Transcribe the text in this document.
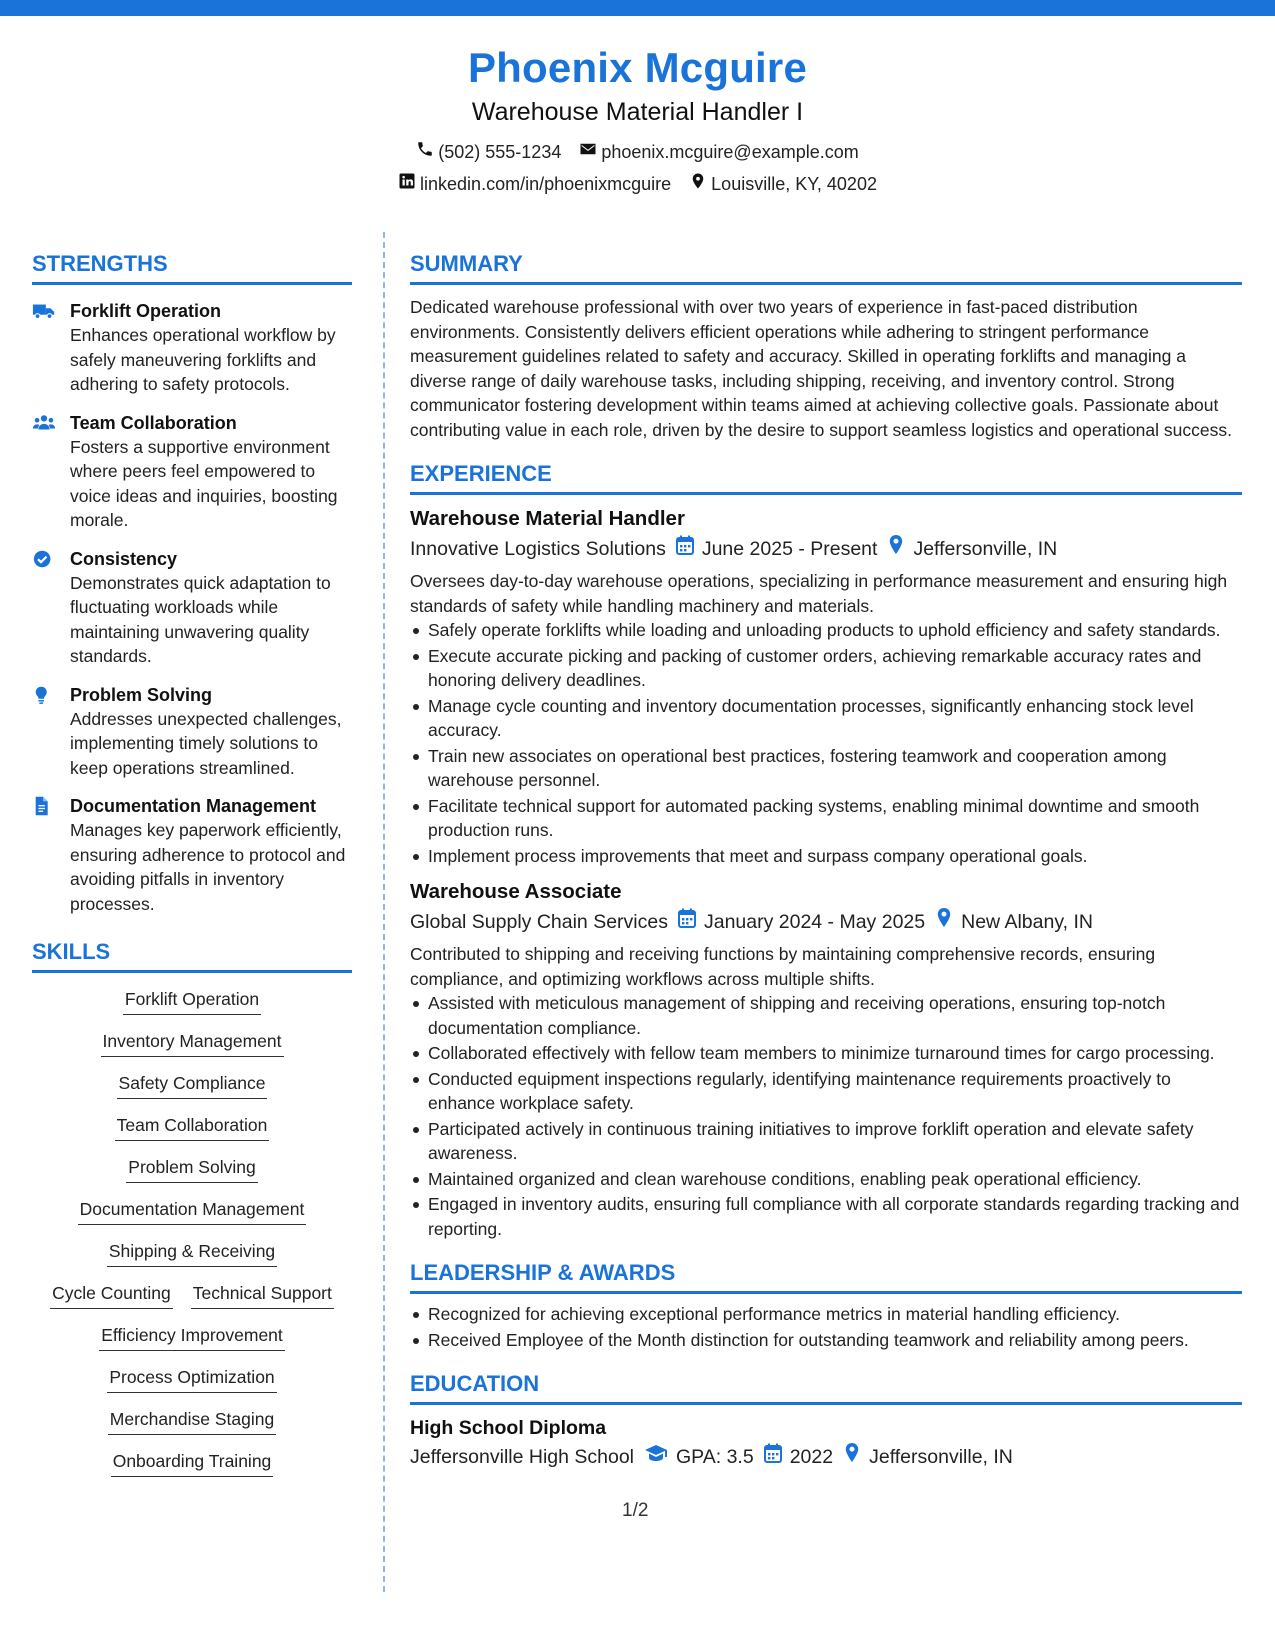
Phoenix Mcguire
Warehouse Material Handler I
(502) 555-1234 phoenix.mcguire@example.com
linkedin.com/in/phoenixmcguire Louisville, KY, 40202
STRENGTHS
Forklift Operation
Enhances operational workflow by safely maneuvering forklifts and adhering to safety protocols.
Team Collaboration
Fosters a supportive environment where peers feel empowered to voice ideas and inquiries, boosting morale.
Consistency
Demonstrates quick adaptation to fluctuating workloads while maintaining unwavering quality standards.
Problem Solving
Addresses unexpected challenges, implementing timely solutions to keep operations streamlined.
Documentation Management
Manages key paperwork efficiently, ensuring adherence to protocol and avoiding pitfalls in inventory processes.
SKILLS
Forklift Operation
Inventory Management
Safety Compliance
Team Collaboration
Problem Solving
Documentation Management
Shipping & Receiving
Cycle Counting Technical Support
Efficiency Improvement
Process Optimization
Merchandise Staging
Onboarding Training
SUMMARY
Dedicated warehouse professional with over two years of experience in fast-paced distribution environments. Consistently delivers efficient operations while adhering to stringent performance measurement guidelines related to safety and accuracy. Skilled in operating forklifts and managing a diverse range of daily warehouse tasks, including shipping, receiving, and inventory control. Strong communicator fostering development within teams aimed at achieving collective goals. Passionate about contributing value in each role, driven by the desire to support seamless logistics and operational success.
EXPERIENCE
Warehouse Material Handler
Innovative Logistics Solutions June 2025 - Present Jeffersonville, IN
Oversees day-to-day warehouse operations, specializing in performance measurement and ensuring high standards of safety while handling machinery and materials.
Safely operate forklifts while loading and unloading products to uphold efficiency and safety standards.
Execute accurate picking and packing of customer orders, achieving remarkable accuracy rates and honoring delivery deadlines.
Manage cycle counting and inventory documentation processes, significantly enhancing stock level accuracy.
Train new associates on operational best practices, fostering teamwork and cooperation among warehouse personnel.
Facilitate technical support for automated packing systems, enabling minimal downtime and smooth production runs.
Implement process improvements that meet and surpass company operational goals.
Warehouse Associate
Global Supply Chain Services January 2024 - May 2025 New Albany, IN
Contributed to shipping and receiving functions by maintaining comprehensive records, ensuring compliance, and optimizing workflows across multiple shifts.
Assisted with meticulous management of shipping and receiving operations, ensuring top-notch documentation compliance.
Collaborated effectively with fellow team members to minimize turnaround times for cargo processing.
Conducted equipment inspections regularly, identifying maintenance requirements proactively to enhance workplace safety.
Participated actively in continuous training initiatives to improve forklift operation and elevate safety awareness.
Maintained organized and clean warehouse conditions, enabling peak operational efficiency.
Engaged in inventory audits, ensuring full compliance with all corporate standards regarding tracking and reporting.
LEADERSHIP & AWARDS
Recognized for achieving exceptional performance metrics in material handling efficiency.
Received Employee of the Month distinction for outstanding teamwork and reliability among peers.
EDUCATION
High School Diploma
Jeffersonville High School GPA: 3.5 2022 Jeffersonville, IN
1/2
